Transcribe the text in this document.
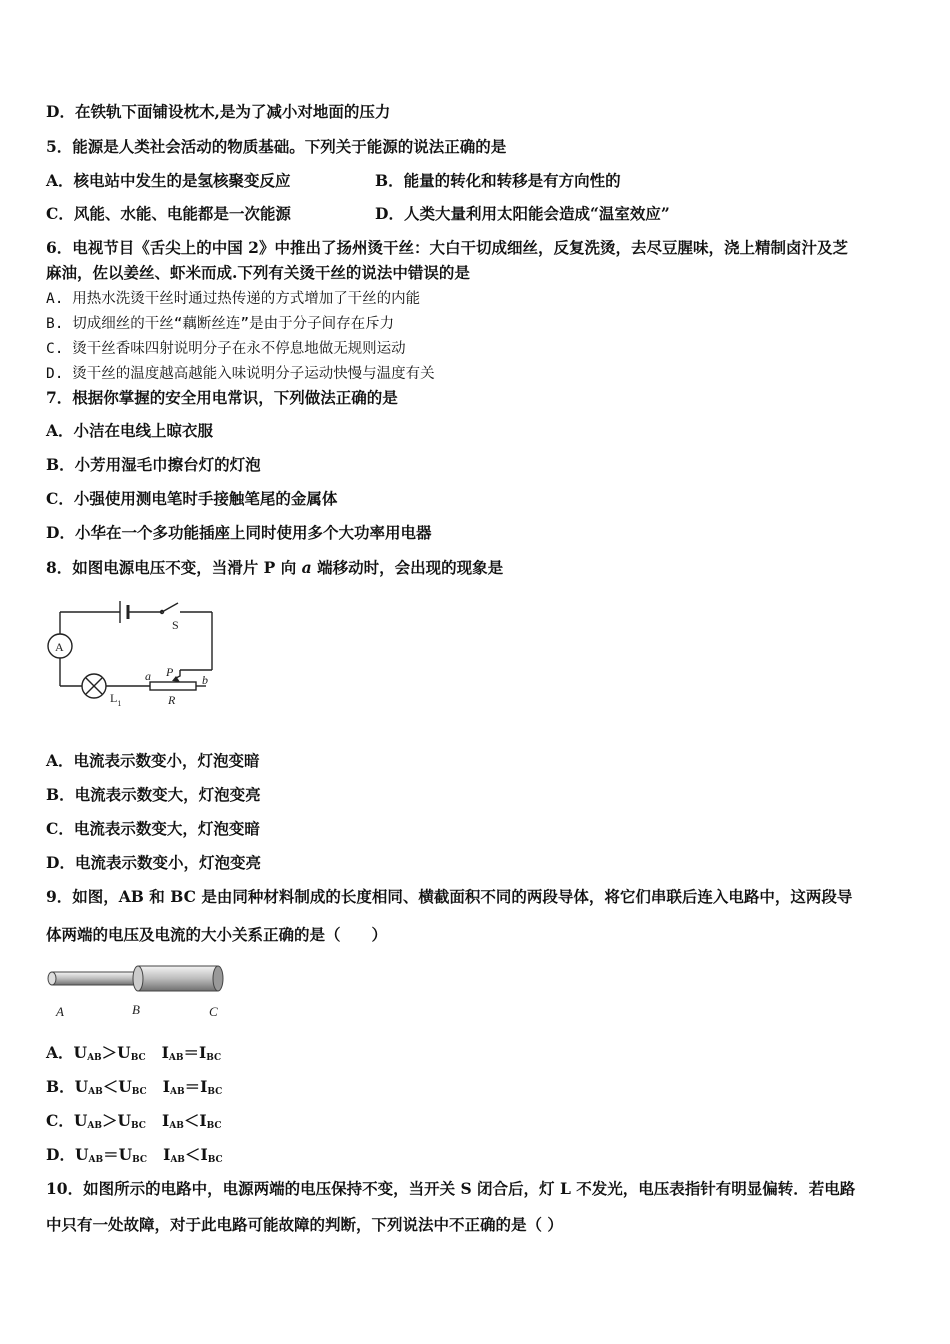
D．在铁轨下面铺设枕木,是为了减小对地面的压力
5．能源是人类社会活动的物质基础。下列关于能源的说法正确的是
A．核电站中发生的是氢核聚变反应	B．能量的转化和转移是有方向性的
C．风能、水能、电能都是一次能源	D．人类大量利用太阳能会造成“温室效应”
6．电视节目《舌尖上的中国 2》中推出了扬州烫干丝：大白干切成细丝，反复洗烫，去尽豆腥味，浇上精制卤汁及芝
麻油，佐以姜丝、虾米而成.下列有关烫干丝的说法中错误的是
A. 用热水洗烫干丝时通过热传递的方式增加了干丝的内能
B. 切成细丝的干丝“藕断丝连”是由于分子间存在斥力
C. 烫干丝香味四射说明分子在永不停息地做无规则运动
D. 烫干丝的温度越高越能入味说明分子运动快慢与温度有关
7．根据你掌握的安全用电常识，下列做法正确的是
A．小洁在电线上晾衣服
B．小芳用湿毛巾擦台灯的灯泡
C．小强使用测电笔时手接触笔尾的金属体
D．小华在一个多功能插座上同时使用多个大功率用电器
8．如图电源电压不变，当滑片 P 向 a 端移动时，会出现的现象是
A
S
$L_1$
a P
b
R
A．电流表示数变小，灯泡变暗
B．电流表示数变大，灯泡变亮
C．电流表示数变大，灯泡变暗
D．电流表示数变小，灯泡变亮
9．如图，AB 和 BC 是由同种材料制成的长度相同、横截面积不同的两段导体，将它们串联后连入电路中，这两段导
体两端的电压及电流的大小关系正确的是（　　）
A	B	C
A．$U_{AB}>U_{BC}$ $I_{AB}=I_{BC}$
B．$U_{AB}<U_{BC}$ $I_{AB}=I_{BC}$
C．$U_{AB}>U_{BC}$ $I_{AB}<I_{BC}$
D．$U_{AB}=U_{BC}$ $I_{AB}<I_{BC}$
10．如图所示的电路中，电源两端的电压保持不变，当开关 S 闭合后，灯 L 不发光，电压表指针有明显偏转．若电路
中只有一处故障，对于此电路可能故障的判断，下列说法中不正确的是（ ）
